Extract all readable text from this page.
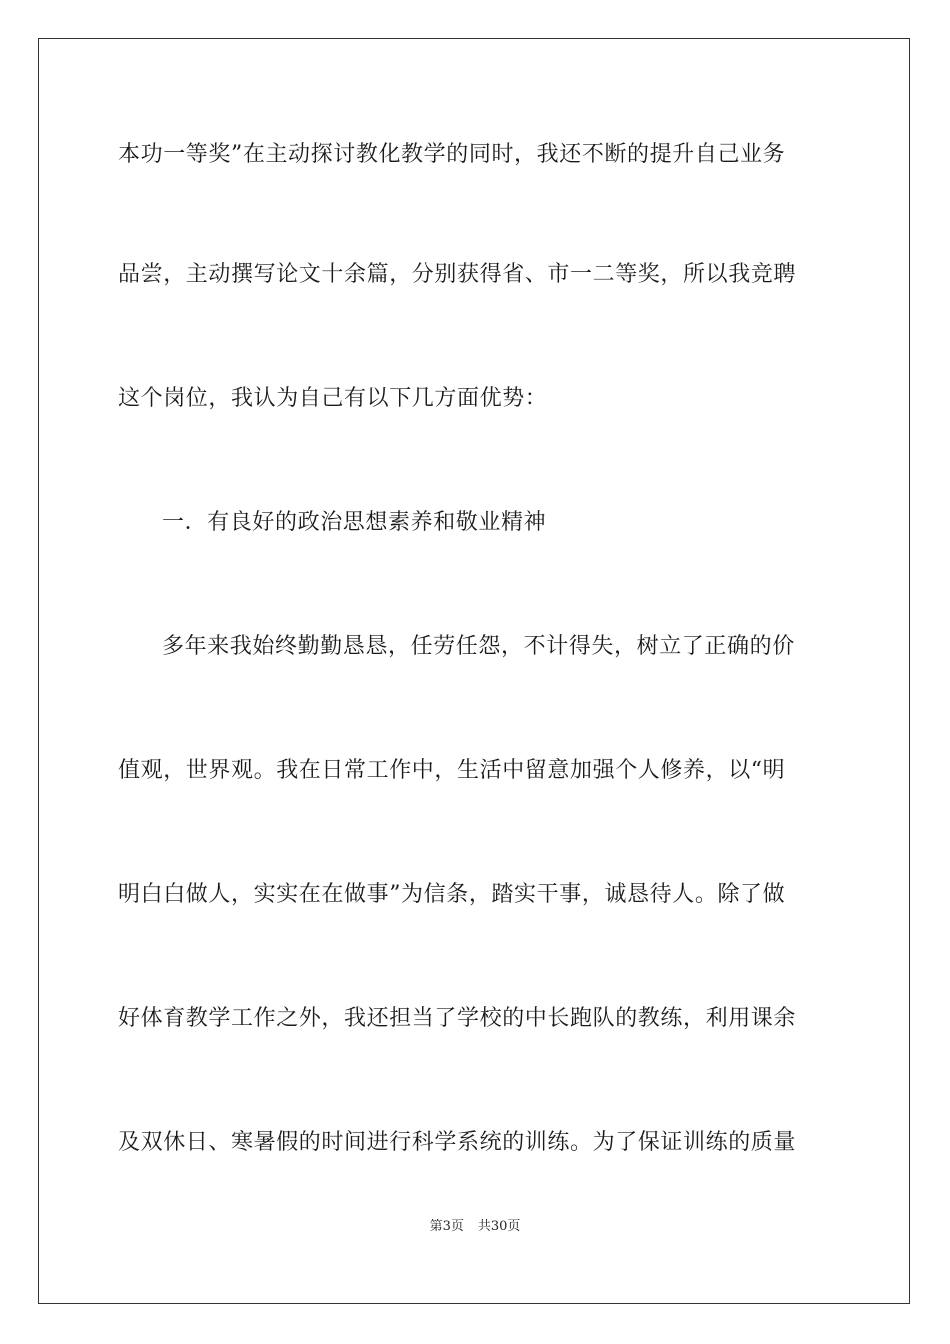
本功一等奖”在主动探讨教化教学的同时，我还不断的提升自己业务
品尝，主动撰写论文十余篇，分别获得省、市一二等奖，所以我竞聘
这个岗位，我认为自己有以下几方面优势：
一．有良好的政治思想素养和敬业精神
多年来我始终勤勤恳恳，任劳任怨，不计得失，树立了正确的价
值观，世界观。我在日常工作中，生活中留意加强个人修养，以“明
明白白做人，实实在在做事”为信条，踏实干事，诚恳待人。除了做
好体育教学工作之外，我还担当了学校的中长跑队的教练，利用课余
及双休日、寒暑假的时间进行科学系统的训练。为了保证训练的质量
第3页 共30页
